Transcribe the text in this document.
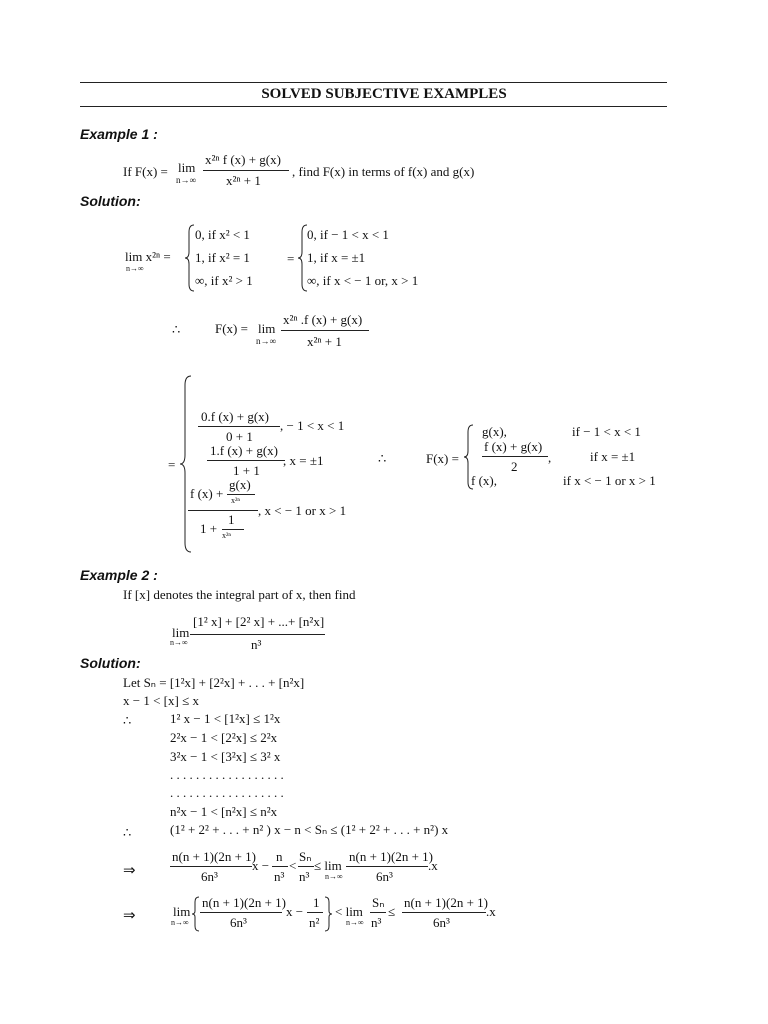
SOLVED SUBJECTIVE EXAMPLES
Example 1 :
If F(x) = lim
n→∞
x²ⁿ f (x) + g(x)
x²ⁿ + 1
, find F(x) in terms of f(x) and g(x)
Solution:
lim x²ⁿ =
n→∞
0, if x² < 1
1, if x² = 1
∞, if x² > 1
=
0, if − 1 < x < 1
1, if x = ±1
∞, if x < − 1 or, x > 1
∴	F(x) = lim
n→∞
x²ⁿ .f (x) + g(x)
x²ⁿ + 1
=
0.f (x) + g(x)
0 + 1
, − 1 < x < 1
1.f (x) + g(x)
1 + 1
, x = ±1
f (x) +
g(x)
x²ⁿ
, x < − 1 or x > 1
1 +
1
x²ⁿ
∴	F(x) =
g(x),	if − 1 < x < 1
f (x) + g(x)
2
,	if x = ±1
f (x),	if x < − 1 or x > 1
Example 2 :
If [x] denotes the integral part of x, then find
lim
n→∞
[1² x] + [2² x] + ...+ [n²x]
n³
Solution:
Let Sₙ = [1²x] + [2²x] + . . . + [n²x]
x − 1 < [x] ≤ x
∴	1² x − 1 < [1²x] ≤ 1²x
2²x − 1 < [2²x] ≤ 2²x
3²x − 1 < [3²x] ≤ 3² x
. . . . . . . . . . . . . . . . . .
. . . . . . . . . . . . . . . . . .
n²x − 1 < [n²x] ≤ n²x
∴	(1² + 2² + . . . + n² ) x − n < Sₙ ≤ (1² + 2² + . . . + n²) x
⇒
n(n + 1)(2n + 1)
6n³
x −
n
n³
<
Sₙ
n³
≤ lim
n→∞
n(n + 1)(2n + 1)
6n³
.x
⇒	lim
n→∞
n(n + 1)(2n + 1)
6n³
x −
1
n²
< lim
n→∞
Sₙ
n³
≤
n(n + 1)(2n + 1)
6n³
.x
